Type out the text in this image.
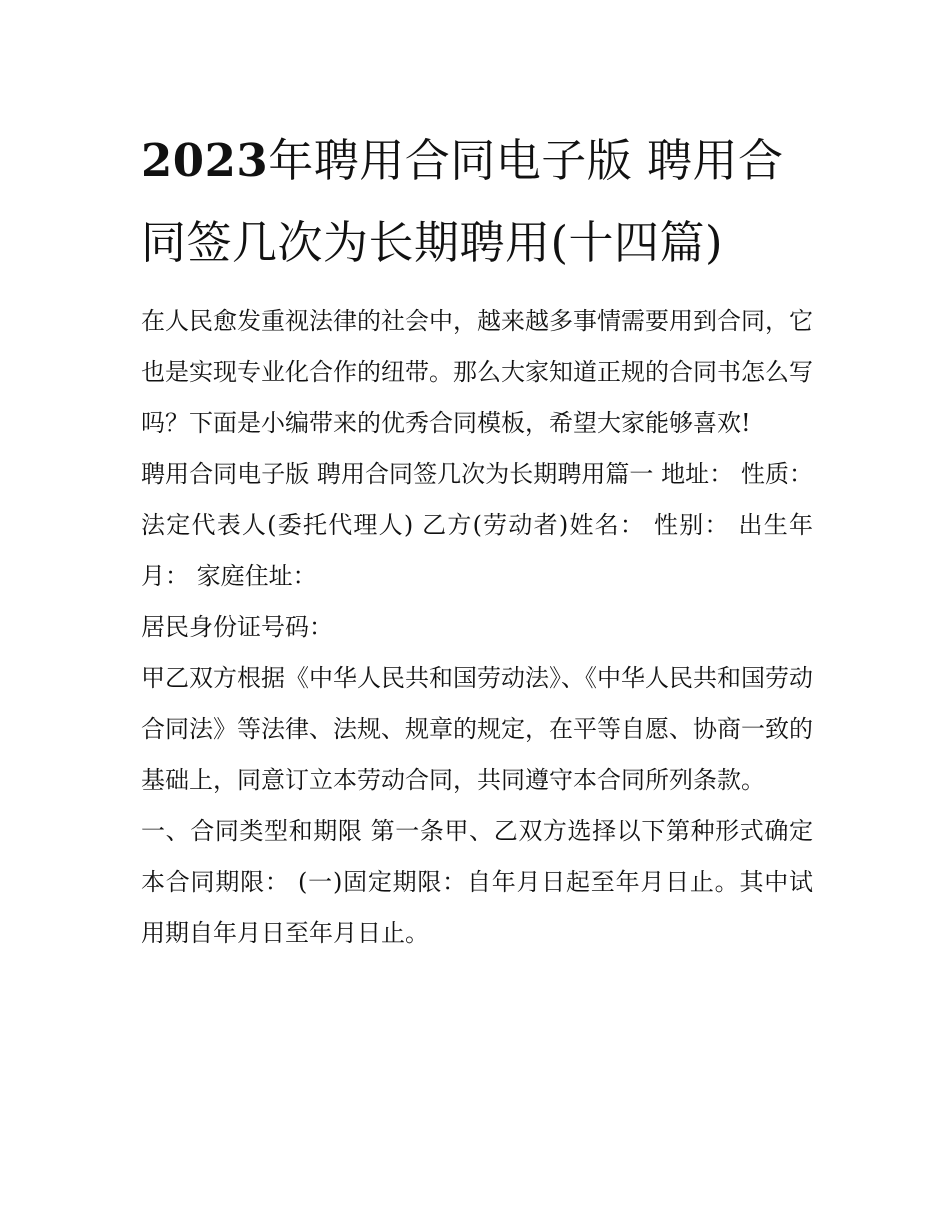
2023年聘用合同电子版 聘用合同签几次为长期聘用(十四篇)

在人民愈发重视法律的社会中，越来越多事情需要用到合同，它也是实现专业化合作的纽带。那么大家知道正规的合同书怎么写吗？下面是小编带来的优秀合同模板，希望大家能够喜欢!

聘用合同电子版 聘用合同签几次为长期聘用篇一 地址： 性质： 法定代表人(委托代理人) 乙方(劳动者)姓名： 性别： 出生年月： 家庭住址：

居民身份证号码：

甲乙双方根据《中华人民共和国劳动法》、《中华人民共和国劳动合同法》等法律、法规、规章的规定，在平等自愿、协商一致的基础上，同意订立本劳动合同，共同遵守本合同所列条款。

一、合同类型和期限 第一条甲、乙双方选择以下第种形式确定本合同期限： (一)固定期限：自年月日起至年月日止。其中试用期自年月日至年月日止。
